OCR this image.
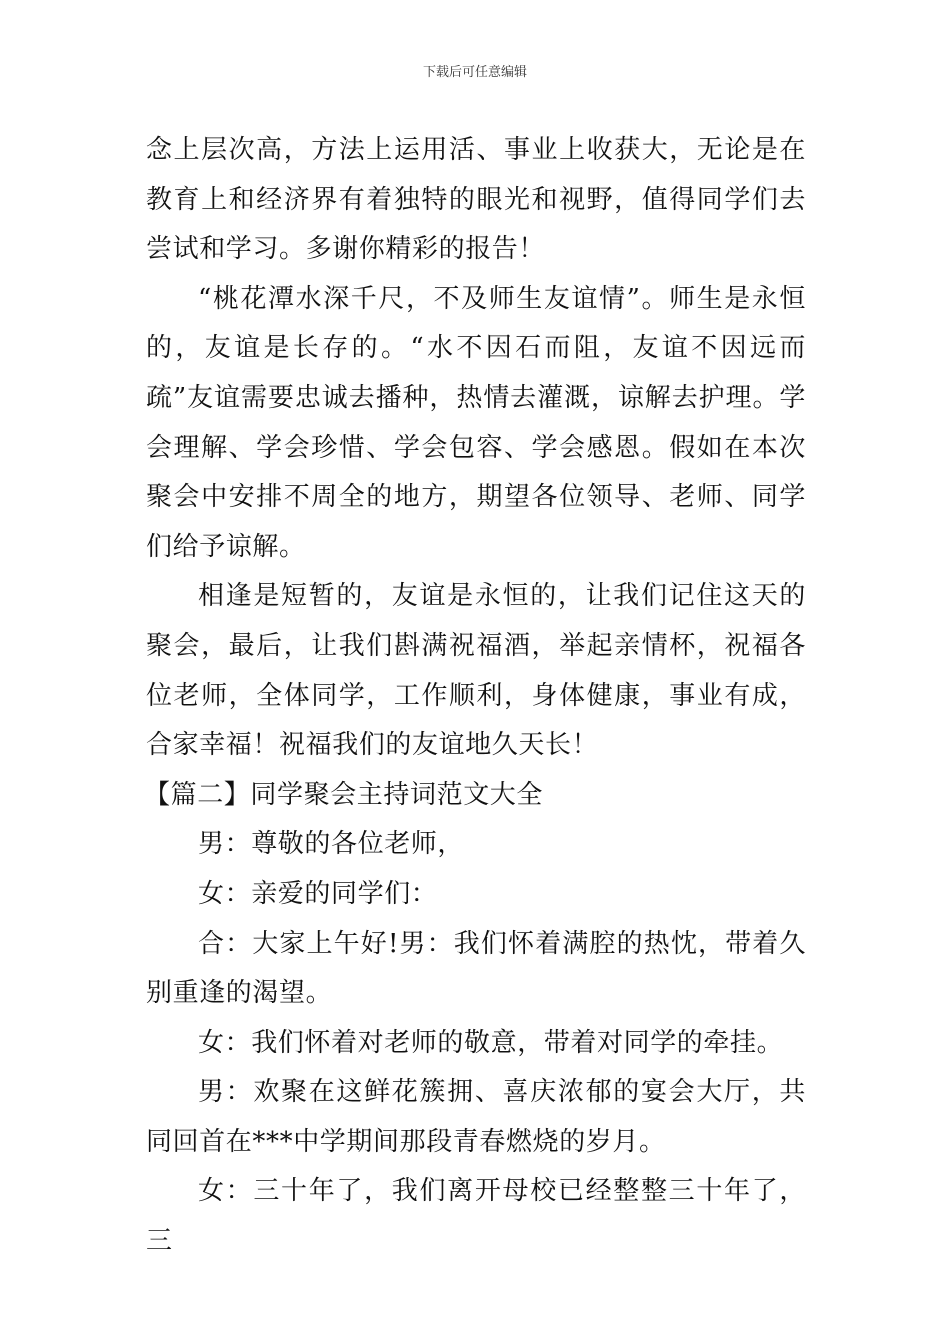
下载后可任意编辑

念上层次高，方法上运用活、事业上收获大，无论是在教育上和经济界有着独特的眼光和视野，值得同学们去尝试和学习。多谢你精彩的报告！

“桃花潭水深千尺，不及师生友谊情”。师生是永恒的，友谊是长存的。“水不因石而阻，友谊不因远而疏”友谊需要忠诚去播种，热情去灌溉，谅解去护理。学会理解、学会珍惜、学会包容、学会感恩。假如在本次聚会中安排不周全的地方，期望各位领导、老师、同学们给予谅解。

相逢是短暂的，友谊是永恒的，让我们记住这天的聚会，最后，让我们斟满祝福酒，举起亲情杯，祝福各位老师，全体同学，工作顺利，身体健康，事业有成，合家幸福！祝福我们的友谊地久天长！

【篇二】同学聚会主持词范文大全

男：尊敬的各位老师，

女：亲爱的同学们：

合：大家上午好!男：我们怀着满腔的热忱，带着久别重逢的渴望。

女：我们怀着对老师的敬意，带着对同学的牵挂。

男：欢聚在这鲜花簇拥、喜庆浓郁的宴会大厅，共同回首在***中学期间那段青春燃烧的岁月。

女：三十年了，我们离开母校已经整整三十年了，三
